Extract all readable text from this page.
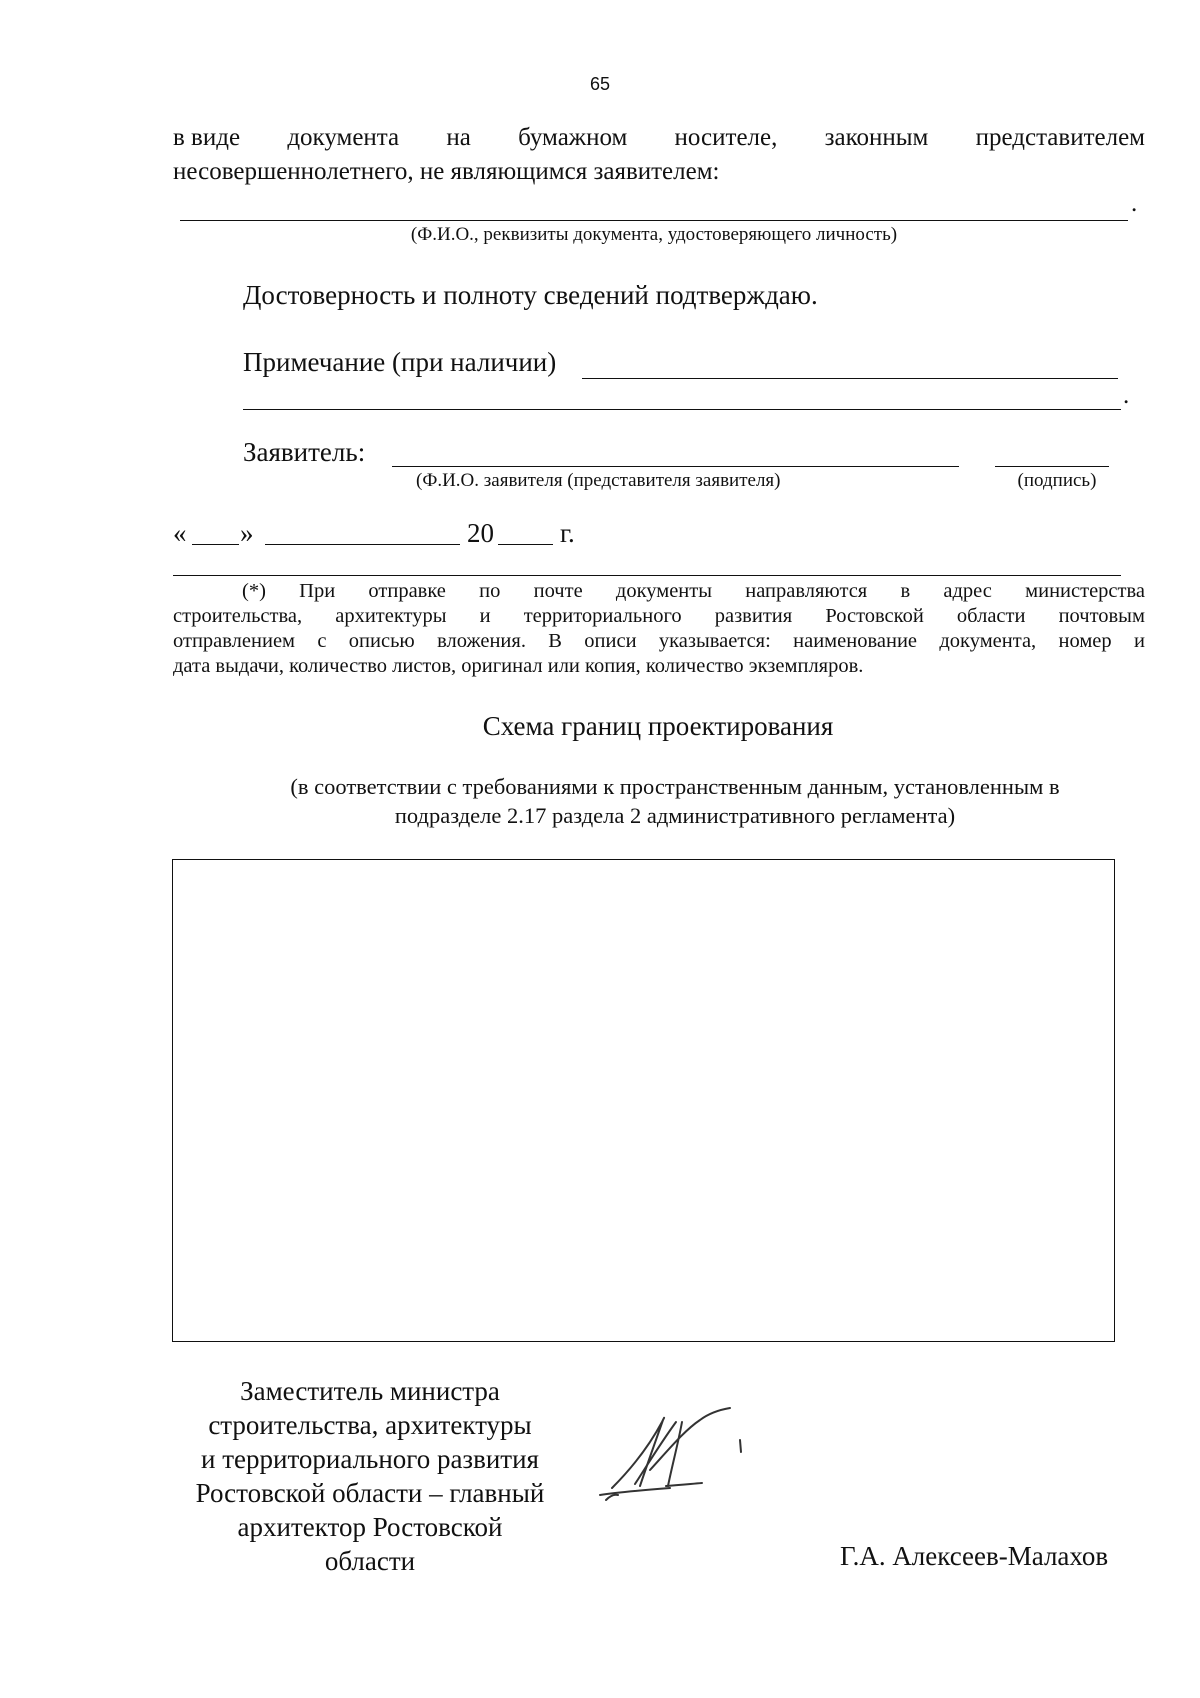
65
в виде документа на бумажном носителе, законным представителем
несовершеннолетнего, не являющимся заявителем:
.
(Ф.И.О., реквизиты документа, удостоверяющего личность)
Достоверность и полноту сведений подтверждаю.
Примечание (при наличии)
.
Заявитель:
(Ф.И.О. заявителя (представителя заявителя)	(подпись)
« »	20 г.
(*) При отправке по почте документы направляются в адрес министерства
строительства, архитектуры и территориального развития Ростовской области почтовым
отправлением с описью вложения. В описи указывается: наименование документа, номер и
дата выдачи, количество листов, оригинал или копия, количество экземпляров.
Схема границ проектирования
(в соответствии с требованиями к пространственным данным, установленным в
подразделе 2.17 раздела 2 административного регламента)
Заместитель министра
строительства, архитектуры
и территориального развития
Ростовской области – главный
архитектор Ростовской
области	Г.А. Алексеев-Малахов
